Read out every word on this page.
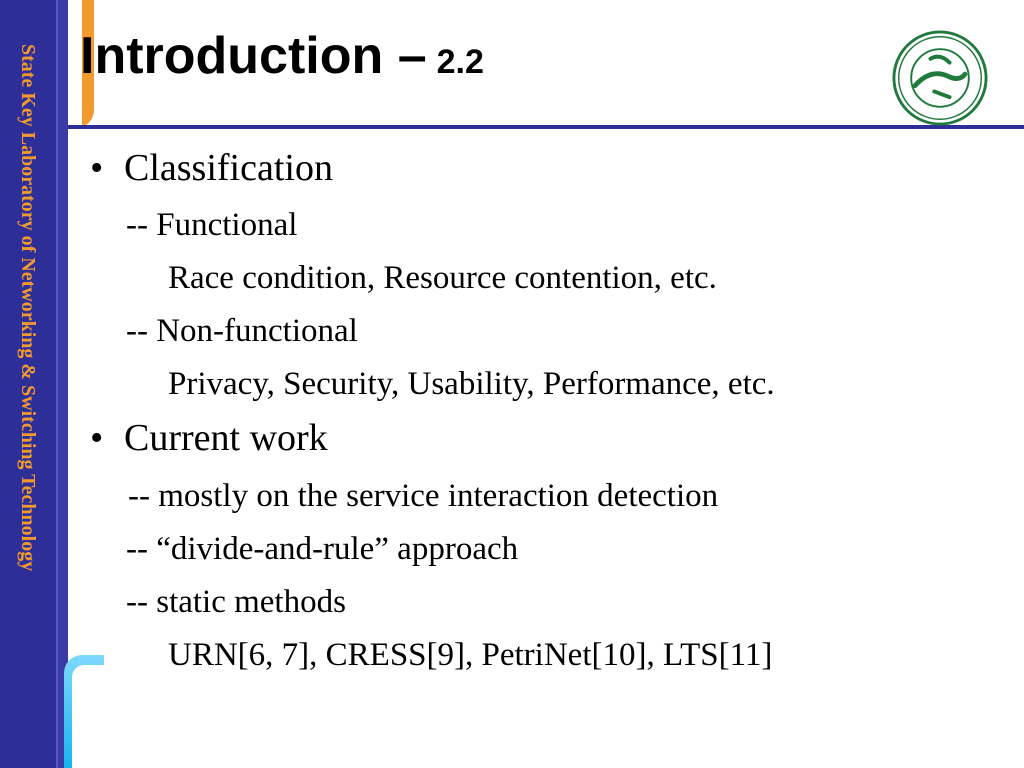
State Key Laboratory of Networking & Switching Technology Introduction – 2.2
• Classification
-- Functional
Race condition, Resource contention, etc.
-- Non-functional
Privacy, Security, Usability, Performance, etc.
• Current work
-- mostly on the service interaction detection
-- “divide-and-rule” approach
-- static methods
URN[6, 7], CRESS[9], PetriNet[10], LTS[11]
